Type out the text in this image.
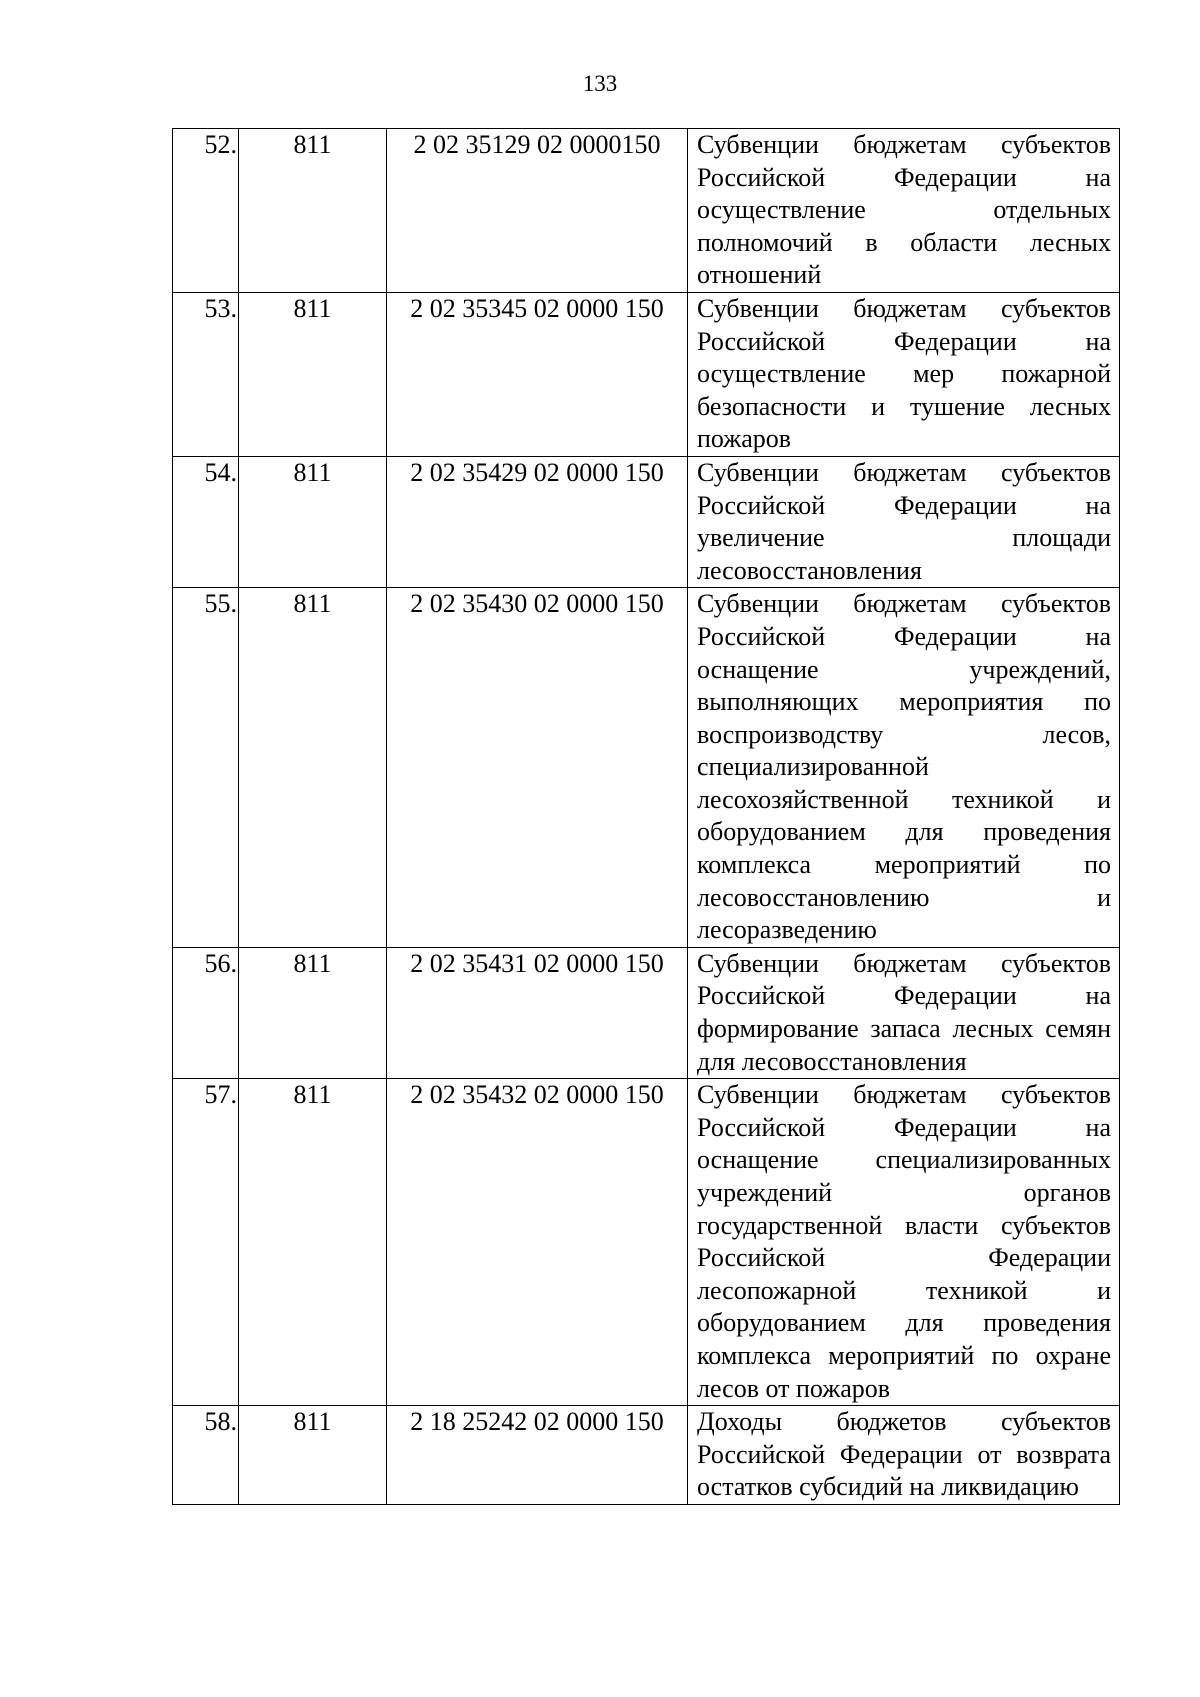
133
52.	811	2 02 35129 02 0000150	Субвенции бюджетам субъектов Российской Федерации на осуществление отдельных полномочий в области лесных отношений
53.	811	2 02 35345 02 0000 150	Субвенции бюджетам субъектов Российской Федерации на осуществление мер пожарной безопасности и тушение лесных пожаров
54.	811	2 02 35429 02 0000 150	Субвенции бюджетам субъектов Российской Федерации на увеличение площади лесовосстановления
55.	811	2 02 35430 02 0000 150	Субвенции бюджетам субъектов Российской Федерации на оснащение учреждений, выполняющих мероприятия по воспроизводству лесов, специализированной лесохозяйственной техникой и оборудованием для проведения комплекса мероприятий по лесовосстановлению и лесоразведению
56.	811	2 02 35431 02 0000 150	Субвенции бюджетам субъектов Российской Федерации на формирование запаса лесных семян для лесовосстановления
57.	811	2 02 35432 02 0000 150	Субвенции бюджетам субъектов Российской Федерации на оснащение специализированных учреждений органов государственной власти субъектов Российской Федерации лесопожарной техникой и оборудованием для проведения комплекса мероприятий по охране лесов от пожаров
58.	811	2 18 25242 02 0000 150	Доходы бюджетов субъектов Российской Федерации от возврата остатков субсидий на ликвидацию
